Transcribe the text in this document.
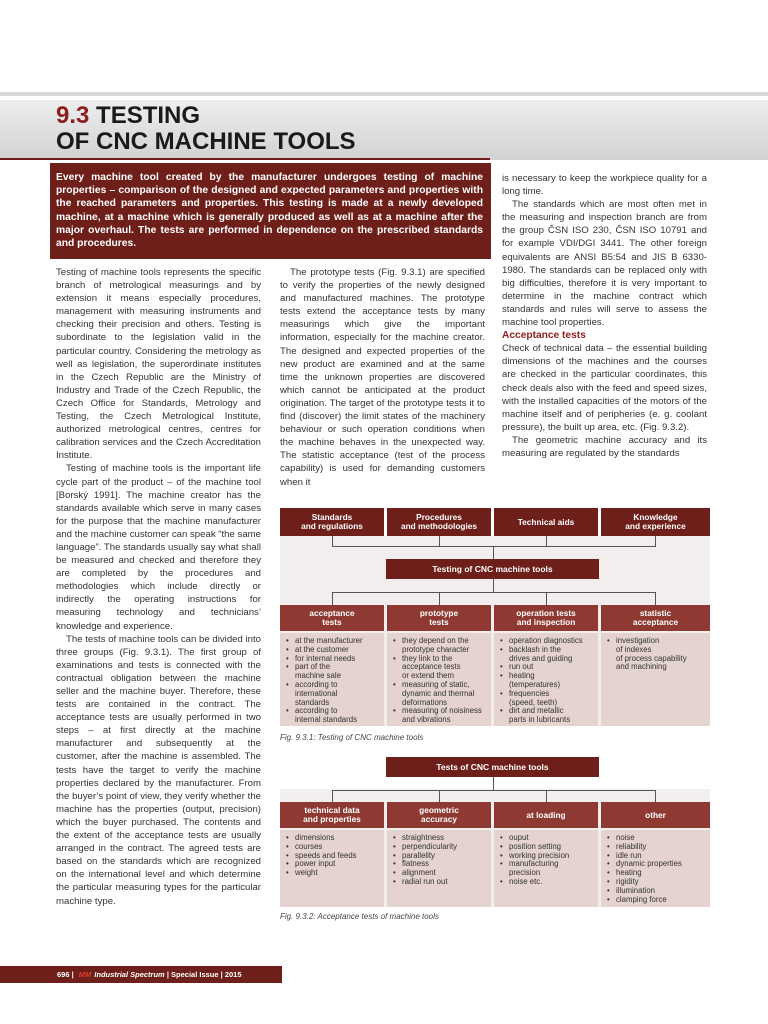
9.3 TESTING
OF CNC MACHINE TOOLS
Every machine tool created by the manufacturer undergoes testing of machine properties – comparison of the designed and expected parameters and properties with the reached parameters and properties. This testing is made at a newly developed machine, at a machine which is generally produced as well as at a machine after the major overhaul. The tests are performed in dependence on the prescribed standards and procedures.

Testing of machine tools represents the specific branch of metrological measurings and by extension it means especially procedures, management with measuring instruments and checking their precision and others. Testing is subordinate to the legislation valid in the particular country. Considering the metrology as well as legislation, the superordinate institutes in the Czech Republic are the Ministry of Industry and Trade of the Czech Republic, the Czech Office for Standards, Metrology and Testing, the Czech Metrological Institute, authorized metrological centres, centres for calibration services and the Czech Accreditation Institute.

Testing of machine tools is the important life cycle part of the product – of the machine tool [Borský 1991]. The machine creator has the standards available which serve in many cases for the purpose that the machine manufacturer and the machine customer can speak “the same language”. The standards usually say what shall be measured and checked and therefore they are completed by the procedures and methodologies which include directly or indirectly the operating instructions for measuring technology and technicians’ knowledge and experience.

The tests of machine tools can be divided into three groups (Fig. 9.3.1). The first group of examinations and tests is connected with the contractual obligation between the machine seller and the machine buyer. Therefore, these tests are contained in the contract. The acceptance tests are usually performed in two steps – at first directly at the machine manufacturer and subsequently at the customer, after the machine is assembled. The tests have the target to verify the machine properties declared by the manufacturer. From the buyer’s point of view, they verify whether the machine has the properties (output, precision) which the buyer purchased. The contents and the extent of the acceptance tests are usually arranged in the contract. The agreed tests are based on the standards which are recognized on the international level and which determine the particular measuring types for the particular machine type.

The prototype tests (Fig. 9.3.1) are specified to verify the properties of the newly designed and manufactured machines. The prototype tests extend the acceptance tests by many measurings which give the important information, especially for the machine creator. The designed and expected properties of the new product are examined and at the same time the unknown properties are discovered which cannot be anticipated at the product origination. The target of the prototype tests it to find (discover) the limit states of the machinery behaviour or such operation conditions when the machine behaves in the unexpected way. The statistic acceptance (test of the process capability) is used for demanding customers when it

is necessary to keep the workpiece quality for a long time.

The standards which are most often met in the measuring and inspection branch are from the group ČSN ISO 230, ČSN ISO 10791 and for example VDI/DGI 3441. The other foreign equivalents are ANSI B5:54 and JIS B 6330-1980. The standards can be replaced only with big difficulties, therefore it is very important to determine in the machine contract which standards and rules will serve to assess the machine tool properties.

Acceptance tests

Check of technical data – the essential building dimensions of the machines and the courses are checked in the particular coordinates, this check deals also with the feed and speed sizes, with the installed capacities of the motors of the machine itself and of peripheries (e. g. coolant pressure), the built up area, etc. (Fig. 9.3.2).

The geometric machine accuracy and its measuring are regulated by the standards

Standards
and regulations
Procedures
and methodologies	Technical aids	Knowledge
and experience
Testing of CNC machine tools
acceptance
tests
prototype
tests
operation tests
and inspection
statistic
acceptance
• at the manufacturer
• at the customer
• for internal needs
• part of the
machine sale
• according to
international
standards
• according to
internal standards
• they depend on the
prototype character
• they link to the
acceptance tests
or extend them
• measuring of static,
dynamic and thermal
deformations
• measuring of noisiness
and vibrations
• operation diagnostics
• backlash in the
drives and guiding
• run out
• heating
(temperatures)
• frequencies
(speed, teeth)
• dirt and metallic
parts in lubricants
• investigation
of indexes
of process capability
and machining
Fig. 9.3.1: Testing of CNC machine tools
Tests of CNC machine tools
technical data
and properties
geometric
accuracy	at loading	other
• dimensions
• courses
• speeds and feeds
• power input
• weight
• straightness
• perpendicularity
• parallelity
• flatness
• alignment
• radial run out
• ouput
• position setting
• working precision
• manufacturing
precision
• noise etc.
• noise
• reliability
• idle run
• dynamic properties
• heating
• rigidity
• illumination
• clamping force
Fig. 9.3.2: Acceptance tests of machine tools
696 | MM Industrial Spectrum | Special Issue | 2015
